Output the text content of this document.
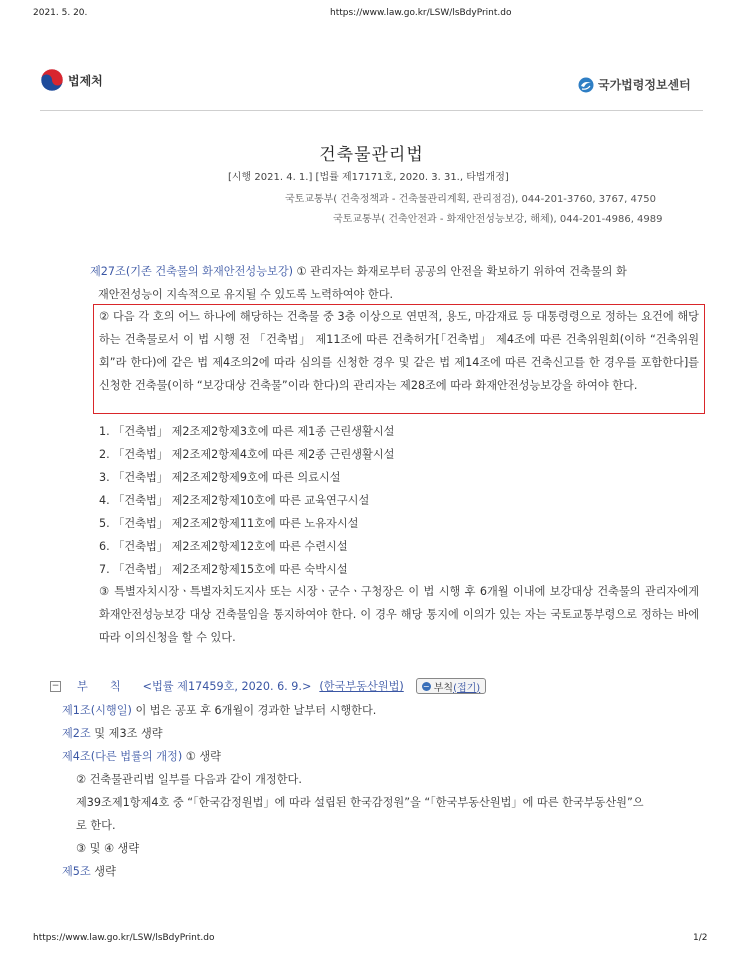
2021. 5. 20.	https://www.law.go.kr/LSW/lsBdyPrint.do
법제처	국가법령정보센터
건축물관리법
[시행 2021. 4. 1.] [법률 제17171호, 2020. 3. 31., 타법개정]
국토교통부( 건축정책과 - 건축물관리계획, 관리점검), 044-201-3760, 3767, 4750
국토교통부( 건축안전과 - 화재안전성능보강, 해체), 044-201-4986, 4989
제27조(기존 건축물의 화재안전성능보강) ① 관리자는 화재로부터 공공의 안전을 확보하기 위하여 건축물의 화
재안전성능이 지속적으로 유지될 수 있도록 노력하여야 한다.
② 다음 각 호의 어느 하나에 해당하는 건축물 중 3층 이상으로 연면적, 용도, 마감재료 등 대통령령으로 정하는 요건에 해당하는 건축물로서 이 법 시행 전 「건축법」 제11조에 따른 건축허가[「건축법」 제4조에 따른 건축위원회(이하 “건축위원회”라 한다)에 같은 법 제4조의2에 따라 심의를 신청한 경우 및 같은 법 제14조에 따른 건축신고를 한 경우를 포함한다]를 신청한 건축물(이하 “보강대상 건축물”이라 한다)의 관리자는 제28조에 따라 화재안전성능보강을 하여야 한다.
1. 「건축법」 제2조제2항제3호에 따른 제1종 근린생활시설
2. 「건축법」 제2조제2항제4호에 따른 제2종 근린생활시설
3. 「건축법」 제2조제2항제9호에 따른 의료시설
4. 「건축법」 제2조제2항제10호에 따른 교육연구시설
5. 「건축법」 제2조제2항제11호에 따른 노유자시설
6. 「건축법」 제2조제2항제12호에 따른 수련시설
7. 「건축법」 제2조제2항제15호에 따른 숙박시설
③ 특별자치시장ㆍ특별자치도지사 또는 시장ㆍ군수ㆍ구청장은 이 법 시행 후 6개월 이내에 보강대상 건축물의 관리자에게 화재안전성능보강 대상 건축물임을 통지하여야 한다. 이 경우 해당 통지에 이의가 있는 자는 국토교통부령으로 정하는 바에 따라 이의신청을 할 수 있다.
− 부 칙 <법률 제17459호, 2020. 6. 9.> (한국부동산원법) − 부칙 (접기)
제1조(시행일) 이 법은 공포 후 6개월이 경과한 날부터 시행한다.
제2조 및 제3조 생략
제4조(다른 법률의 개정) ① 생략
② 건축물관리법 일부를 다음과 같이 개정한다.
제39조제1항제4호 중 “「한국감정원법」에 따라 설립된 한국감정원”을 “「한국부동산원법」에 따른 한국부동산원”으
로 한다.
③ 및 ④ 생략
제5조 생략
https://www.law.go.kr/LSW/lsBdyPrint.do	1/2
